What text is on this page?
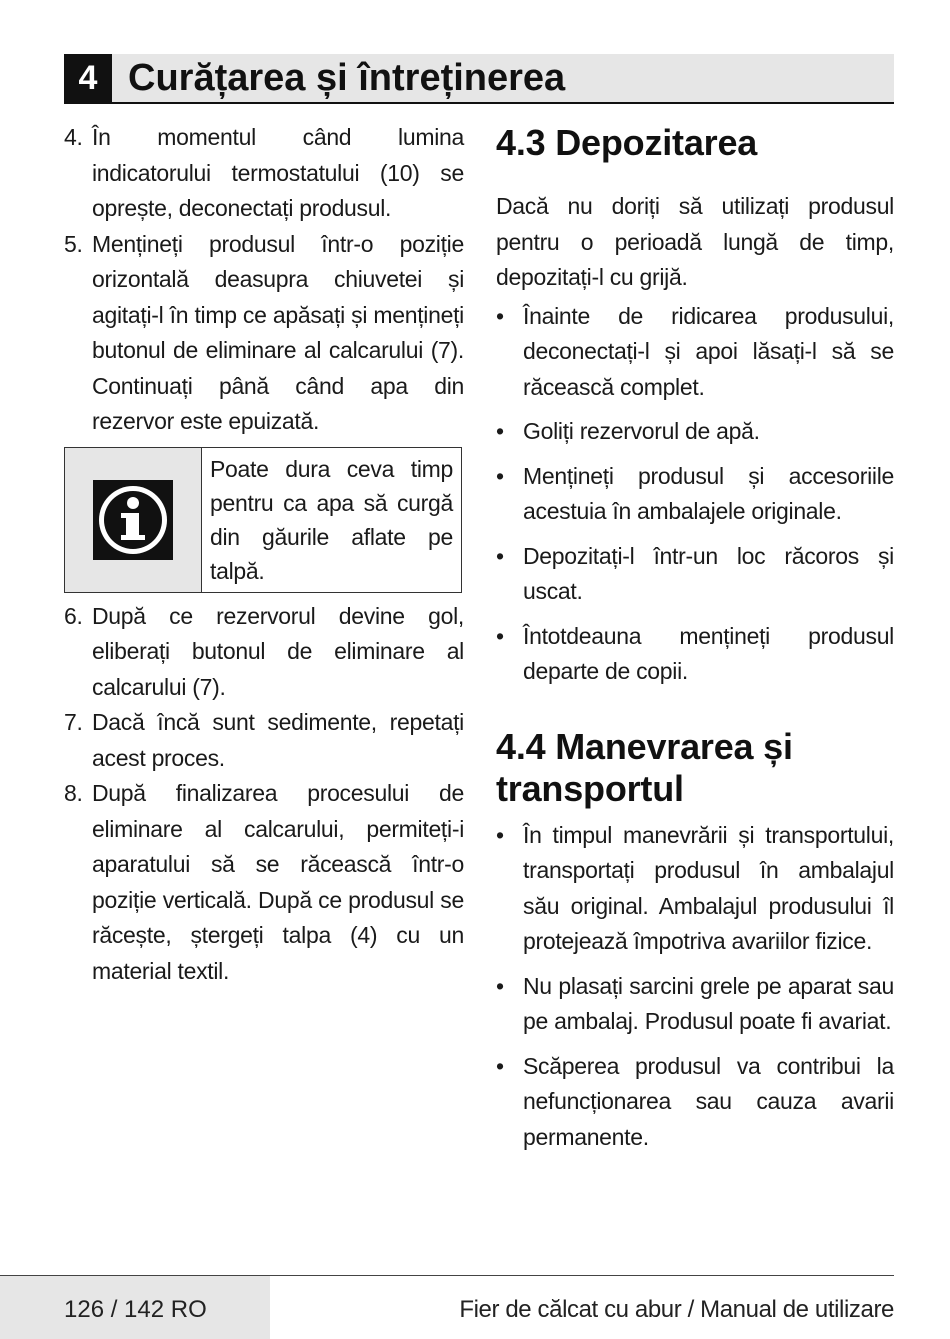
4 Curățarea și întreținerea
4. În momentul când lumina indicatorului termostatului (10) se oprește, deconectați produsul.
5. Mențineți produsul într-o poziție orizontală deasupra chiuvetei și agitați-l în timp ce apăsați și mențineți butonul de eliminare al calcarului (7). Continuați până când apa din rezervor este epuizată.
Poate dura ceva timp pentru ca apa să curgă din găurile aflate pe talpă.
6. După ce rezervorul devine gol, eliberați butonul de eliminare al calcarului (7).
7. Dacă încă sunt sedimente, repetați acest proces.
8. După finalizarea procesului de eliminare al calcarului, permiteți-i aparatului să se răcească într-o poziție verticală. După ce produsul se răcește, ștergeți talpa (4) cu un material textil.
4.3 Depozitarea
Dacă nu doriți să utilizați produsul pentru o perioadă lungă de timp, depozitați-l cu grijă.
• Înainte de ridicarea produsului, deconectați-l și apoi lăsați-l să se răcească complet.
• Goliți rezervorul de apă.
• Mențineți produsul și accesoriile acestuia în ambalajele originale.
• Depozitați-l într-un loc răcoros și uscat.
• Întotdeauna mențineți produsul departe de copii.
4.4 Manevrarea și transportul
• În timpul manevrării și transportului, transportați produsul în ambalajul său original. Ambalajul produsului îl protejează împotriva avariilor fizice.
• Nu plasați sarcini grele pe aparat sau pe ambalaj. Produsul poate fi avariat.
• Scăperea produsul va contribui la nefuncționarea sau cauza avarii permanente.
126 / 142 RO	Fier de călcat cu abur / Manual de utilizare
